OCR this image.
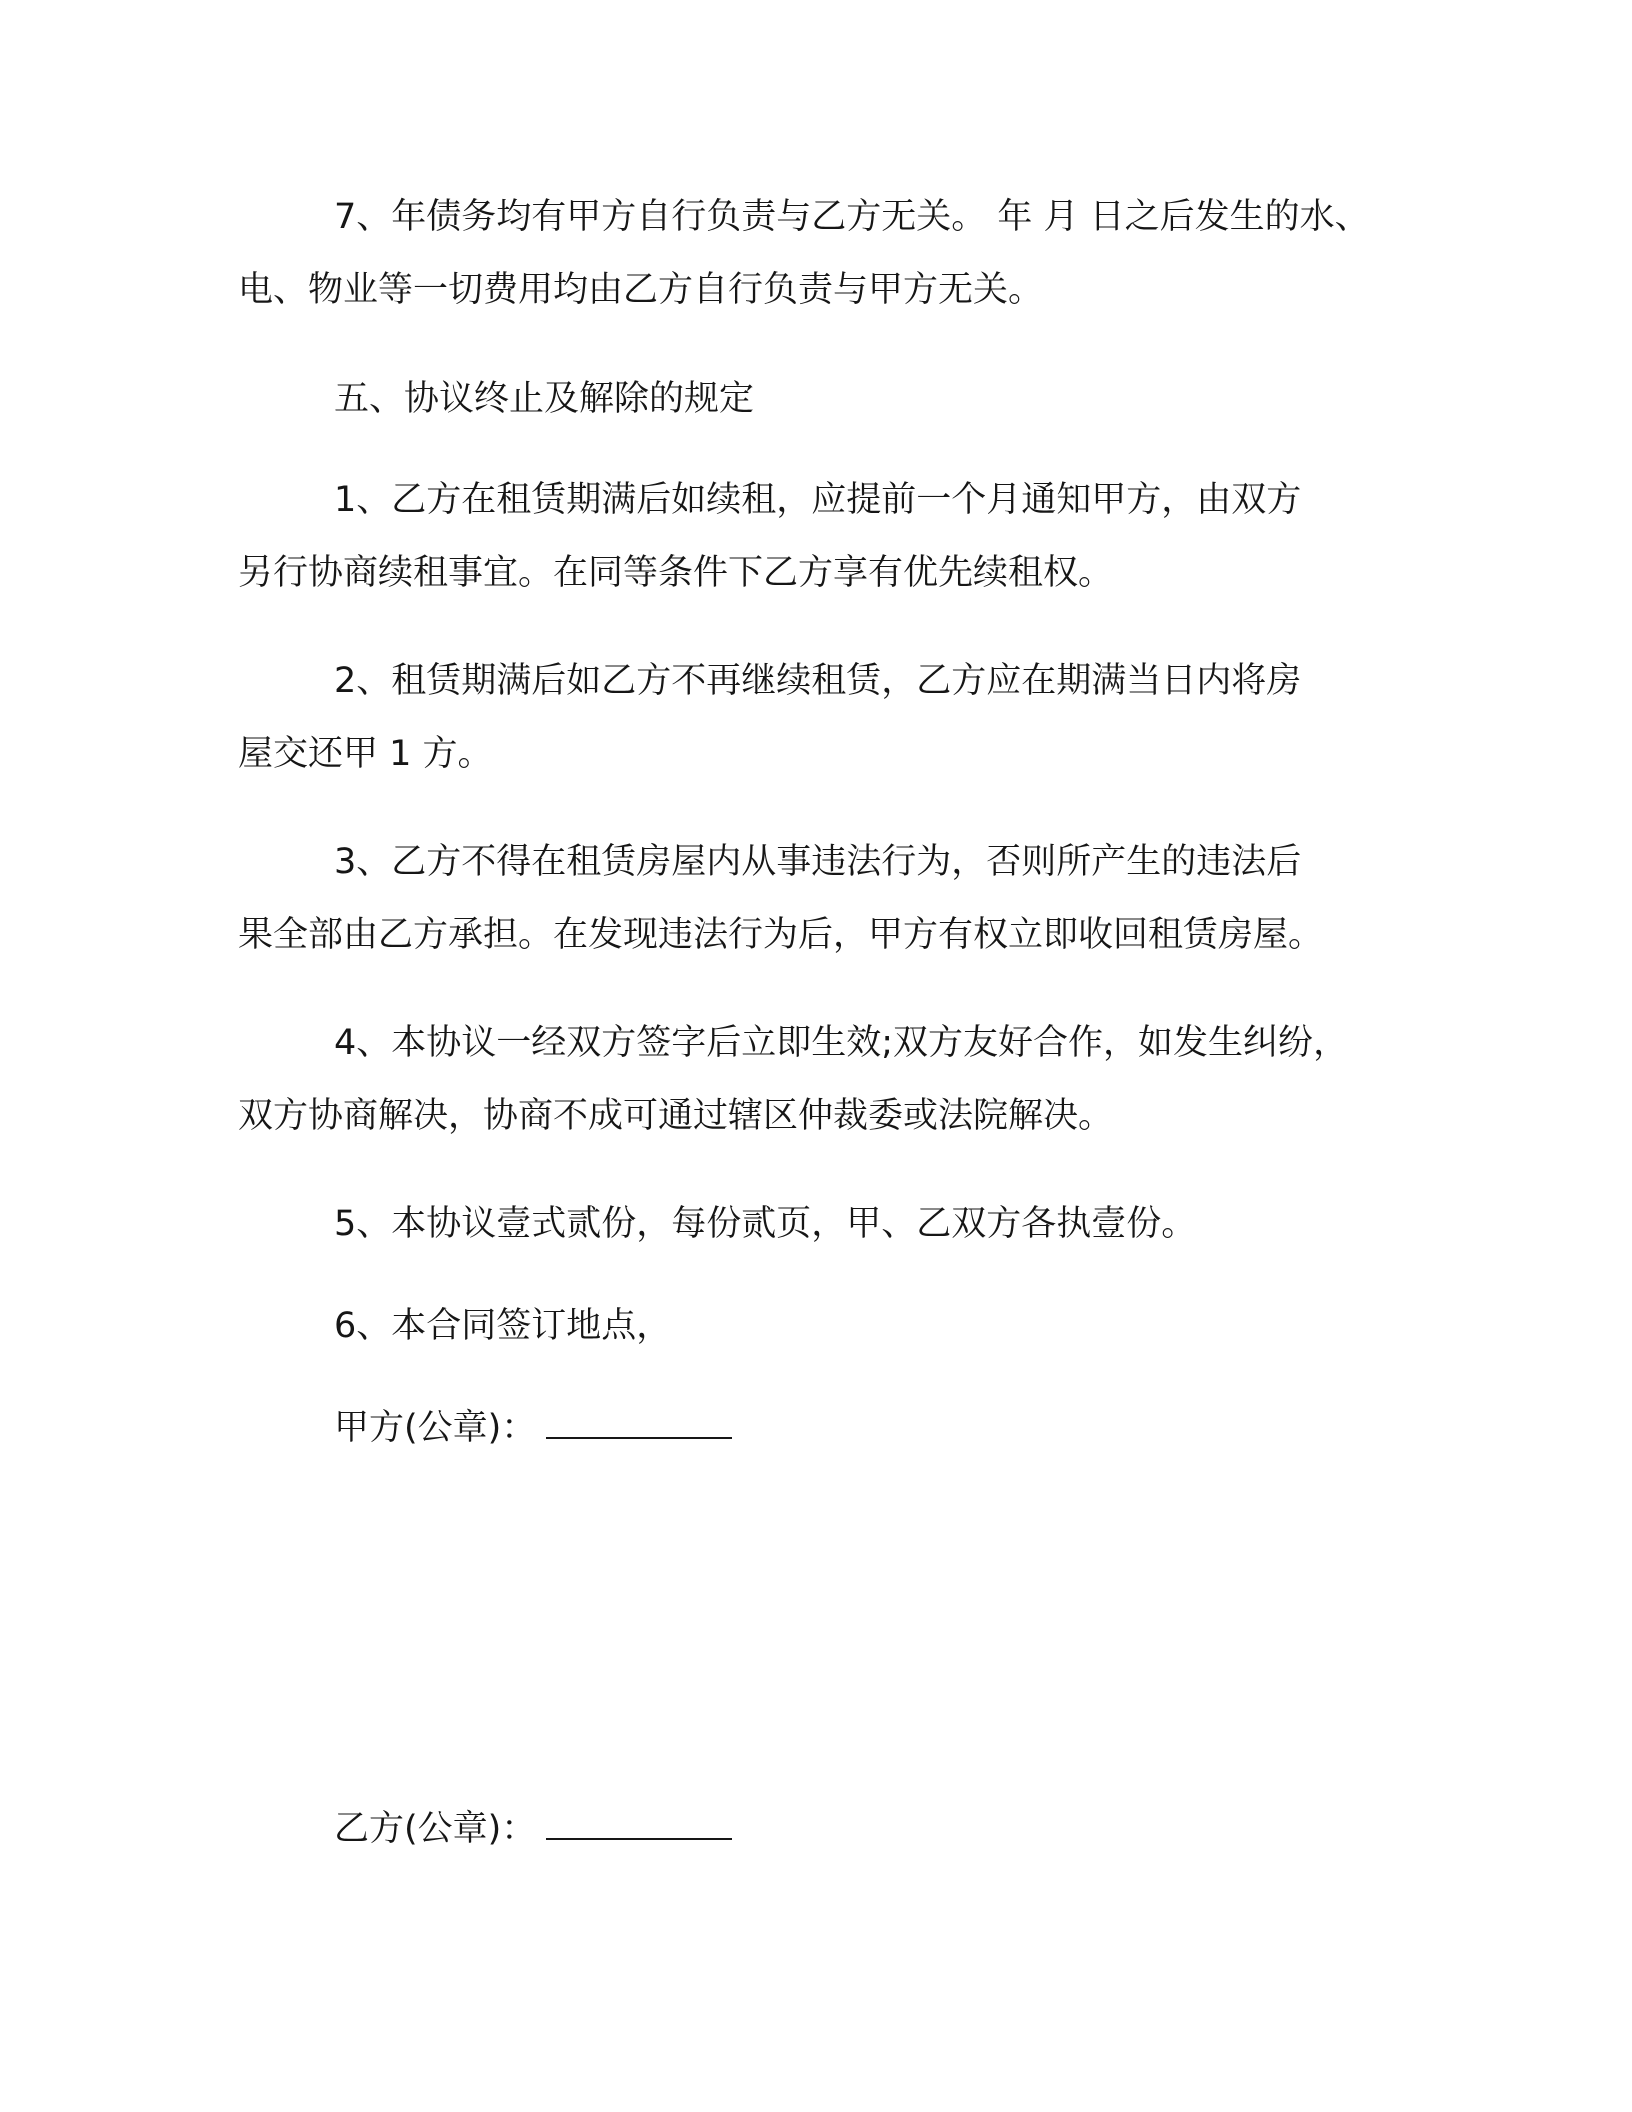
7、年债务均有甲方自行负责与乙方无关。 年 月 日之后发生的水、
电、物业等一切费用均由乙方自行负责与甲方无关。

五、协议终止及解除的规定

1、乙方在租赁期满后如续租，应提前一个月通知甲方，由双方
另行协商续租事宜。在同等条件下乙方享有优先续租权。

2、租赁期满后如乙方不再继续租赁，乙方应在期满当日内将房
屋交还甲 1 方。

3、乙方不得在租赁房屋内从事违法行为，否则所产生的违法后
果全部由乙方承担。在发现违法行为后，甲方有权立即收回租赁房屋。

4、本协议一经双方签字后立即生效;双方友好合作，如发生纠纷，
双方协商解决，协商不成可通过辖区仲裁委或法院解决。

5、本协议壹式贰份，每份贰页，甲、乙双方各执壹份。

6、本合同签订地点，

甲方(公章)：

乙方(公章)：
